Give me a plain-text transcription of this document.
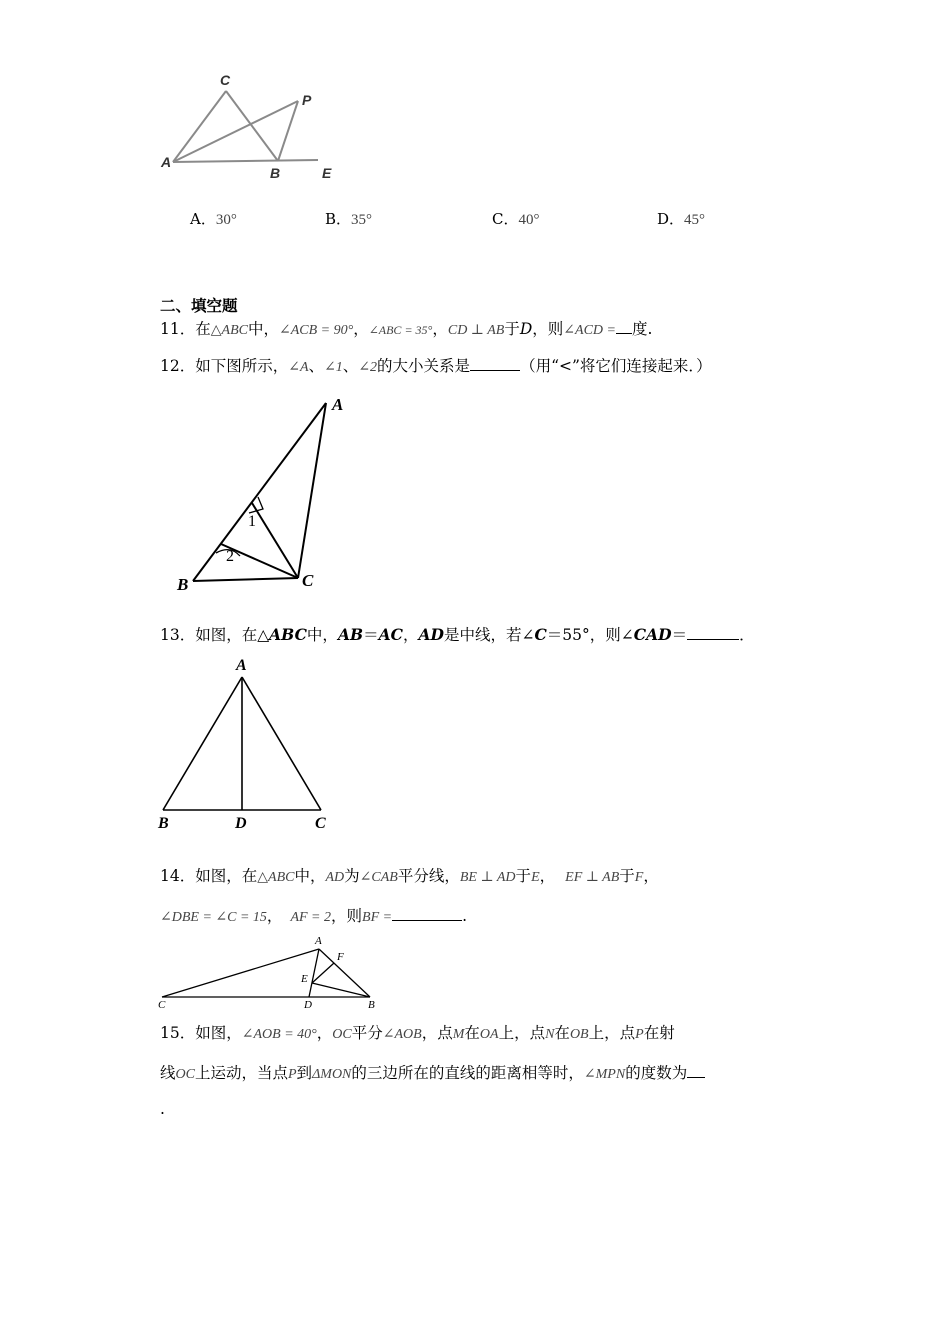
C
P
A
B	E
A．30°	B．35°	C．40°	D．45°
二、填空题
11．在△ABC中，∠ACB = 90°，∠ABC = 35°，CD ⊥ AB于D，则∠ACD = 度.
12．如下图所示，∠A、∠1、∠2的大小关系是	（用“<”将它们连接起来．）
1
2
A
B	C
13．如图，在△ABC中，AB＝AC，AD是中线，若∠C＝55°，则∠CAD＝	．
A
B	D	C
14．如图，在△ABC中，AD为∠CAB平分线，BE ⊥ AD于E， EF ⊥ AB于F，
∠DBE = ∠C = 15， AF = 2，则BF =	.
A
F
E
C	D	B
15．如图，∠AOB = 40°，OC平分∠AOB，点M在OA上，点N在OB上，点P在射
线OC上运动，当点P到ΔMON的三边所在的直线的距离相等时，∠MPN的度数为
.
